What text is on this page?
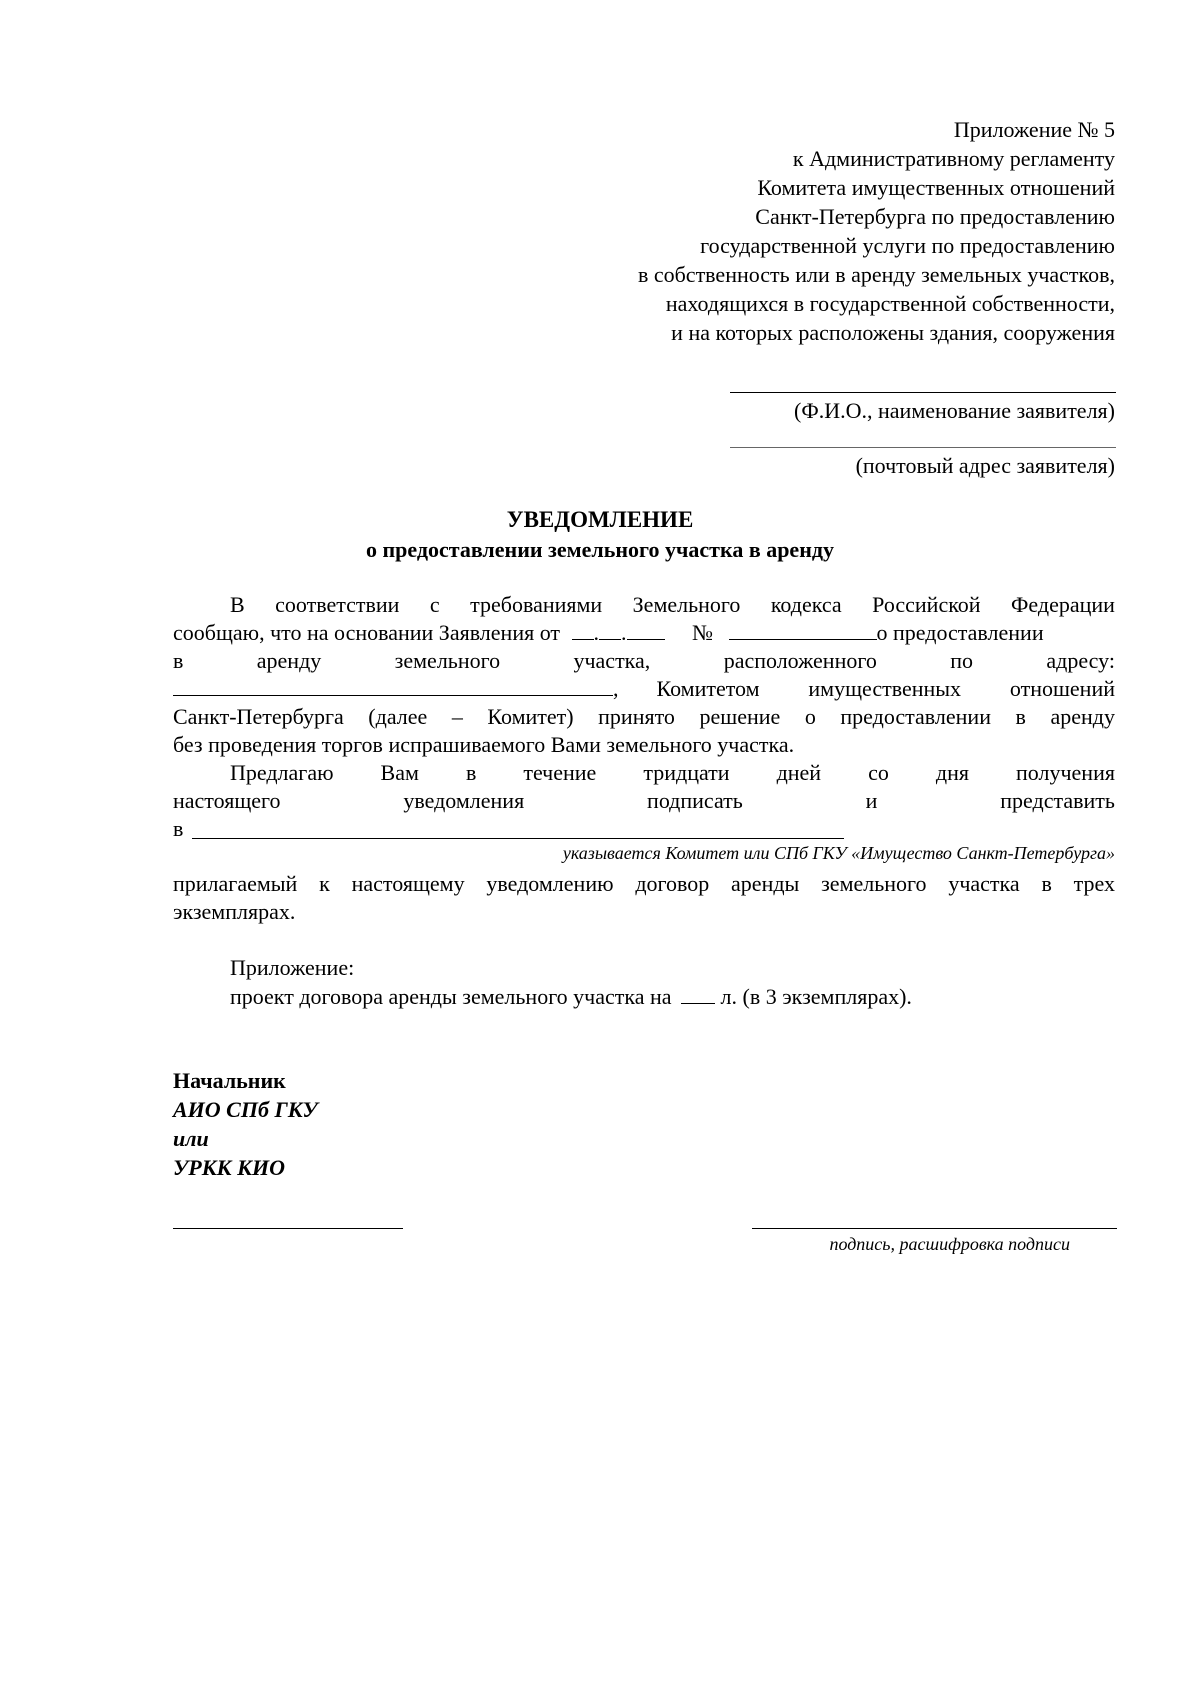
Приложение № 5

к Административному регламенту

Комитета имущественных отношений

Санкт-Петербурга по предоставлению

государственной услуги по предоставлению

в собственность или в аренду земельных участков,

находящихся в государственной собственности,

и на которых расположены здания, сооружения

(Ф.И.О., наименование заявителя)

(почтовый адрес заявителя)

УВЕДОМЛЕНИЕ

о предоставлении земельного участка в аренду

В соответствии с требованиями Земельного кодекса Российской Федерации
сообщаю, что на основании Заявления от . .	№	о предоставлении
в	аренду	земельного	участка,	расположенного	по	адресу:
, Комитетом имущественных отношений

Санкт-Петербурга (далее – Комитет) принято решение о предоставлении в аренду

без проведения торгов испрашиваемого Вами земельного участка.

Предлагаю Вам в течение тридцати дней со дня получения
настоящего	уведомления	подписать	и	представить

в

указывается Комитет или СПб ГКУ «Имущество Санкт-Петербурга»

прилагаемый к настоящему уведомлению договор аренды земельного участка в трех

экземплярах.

Приложение:

проект договора аренды земельного участка на л. (в 3 экземплярах).

Начальник

АИО СПб ГКУ

или

УРКК КИО

подпись, расшифровка подписи
